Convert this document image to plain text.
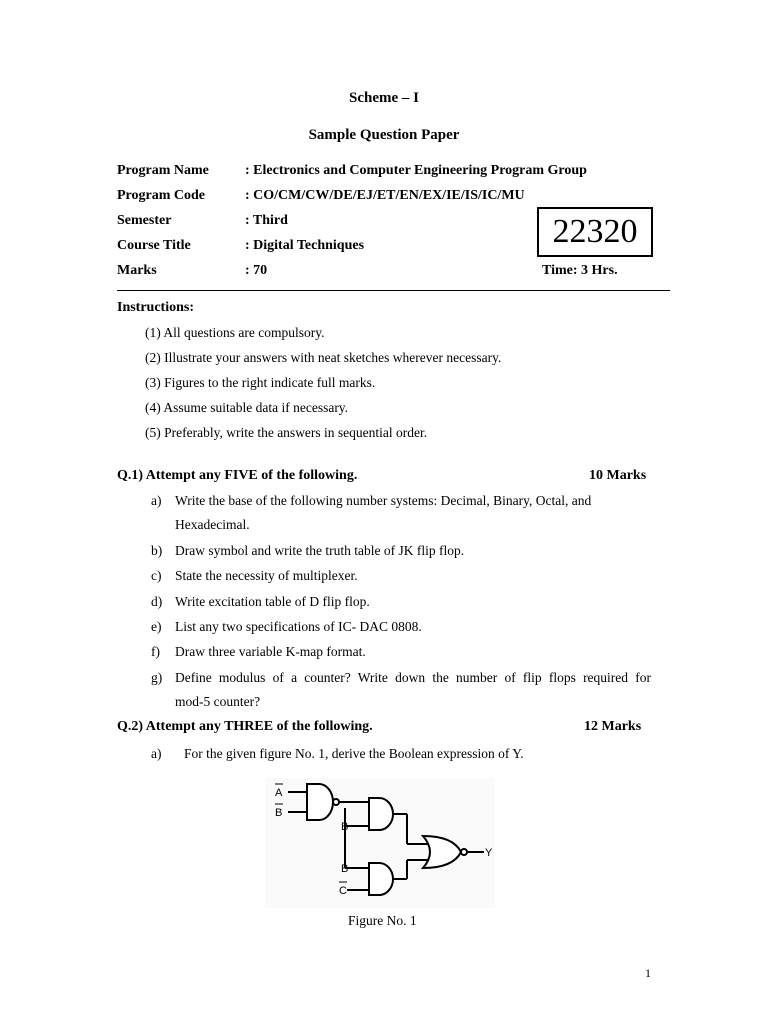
Scheme – I
Sample Question Paper
Program Name	: Electronics and Computer Engineering Program Group
Program Code	: CO/CM/CW/DE/EJ/ET/EN/EX/IE/IS/IC/MU
Semester	: Third
Course Title	: Digital Techniques
Marks	: 70
22320
Time: 3 Hrs.
Instructions:
(1) All questions are compulsory.
(2) Illustrate your answers with neat sketches wherever necessary.
(3) Figures to the right indicate full marks.
(4) Assume suitable data if necessary.
(5) Preferably, write the answers in sequential order.
Q.1) Attempt any FIVE of the following.	10 Marks
a) Write the base of the following number systems: Decimal, Binary, Octal, and
Hexadecimal.
b) Draw symbol and write the truth table of JK flip flop.
c) State the necessity of multiplexer.
d) Write excitation table of D flip flop.
e) List any two specifications of IC- DAC 0808.
f) Draw three variable K-map format.
g) Define modulus of a counter? Write down the number of flip flops required for
mod-5 counter?
Q.2) Attempt any THREE of the following.	12 Marks
a) For the given figure No. 1, derive the Boolean expression of Y.
A
B
B
B
C
Y
Figure No. 1
1
